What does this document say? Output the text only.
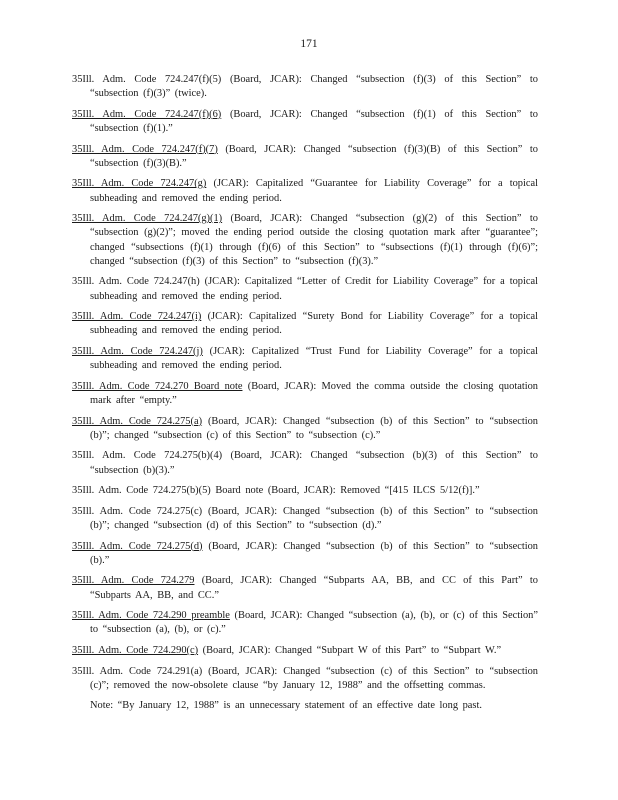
171

35Ill. Adm. Code 724.247(f)(5) (Board, JCAR): Changed “subsection (f)(3) of this Section” to “subsection (f)(3)” (twice).

35Ill. Adm. Code 724.247(f)(6) (Board, JCAR): Changed “subsection (f)(1) of this Section” to “subsection (f)(1).”

35Ill. Adm. Code 724.247(f)(7) (Board, JCAR): Changed “subsection (f)(3)(B) of this Section” to “subsection (f)(3)(B).”

35Ill. Adm. Code 724.247(g) (JCAR): Capitalized “Guarantee for Liability Coverage” for a topical subheading and removed the ending period.

35Ill. Adm. Code 724.247(g)(1) (Board, JCAR): Changed “subsection (g)(2) of this Section” to “subsection (g)(2)”; moved the ending period outside the closing quotation mark after “guarantee”; changed “subsections (f)(1) through (f)(6) of this Section” to “subsections (f)(1) through (f)(6)”; changed “subsection (f)(3) of this Section” to “subsection (f)(3).”

35Ill. Adm. Code 724.247(h) (JCAR): Capitalized “Letter of Credit for Liability Coverage” for a topical subheading and removed the ending period.

35Ill. Adm. Code 724.247(i) (JCAR): Capitalized “Surety Bond for Liability Coverage” for a topical subheading and removed the ending period.

35Ill. Adm. Code 724.247(j) (JCAR): Capitalized “Trust Fund for Liability Coverage” for a topical subheading and removed the ending period.

35Ill. Adm. Code 724.270 Board note (Board, JCAR): Moved the comma outside the closing quotation mark after “empty.”

35Ill. Adm. Code 724.275(a) (Board, JCAR): Changed “subsection (b) of this Section” to “subsection (b)”; changed “subsection (c) of this Section” to “subsection (c).”

35Ill. Adm. Code 724.275(b)(4) (Board, JCAR): Changed “subsection (b)(3) of this Section” to “subsection (b)(3).”

35Ill. Adm. Code 724.275(b)(5) Board note (Board, JCAR): Removed “[415 ILCS 5/12(f)].”

35Ill. Adm. Code 724.275(c) (Board, JCAR): Changed “subsection (b) of this Section” to “subsection (b)”; changed “subsection (d) of this Section” to “subsection (d).”

35Ill. Adm. Code 724.275(d) (Board, JCAR): Changed “subsection (b) of this Section” to “subsection (b).”

35Ill. Adm. Code 724.279 (Board, JCAR): Changed “Subparts AA, BB, and CC of this Part” to “Subparts AA, BB, and CC.”

35Ill. Adm. Code 724.290 preamble (Board, JCAR): Changed “subsection (a), (b), or (c) of this Section” to “subsection (a), (b), or (c).”

35Ill. Adm. Code 724.290(c) (Board, JCAR): Changed “Subpart W of this Part” to “Subpart W.”

35Ill. Adm. Code 724.291(a) (Board, JCAR): Changed “subsection (c) of this Section” to “subsection (c)”; removed the now-obsolete clause “by January 12, 1988” and the offsetting commas.

Note: “By January 12, 1988” is an unnecessary statement of an effective date long past.
